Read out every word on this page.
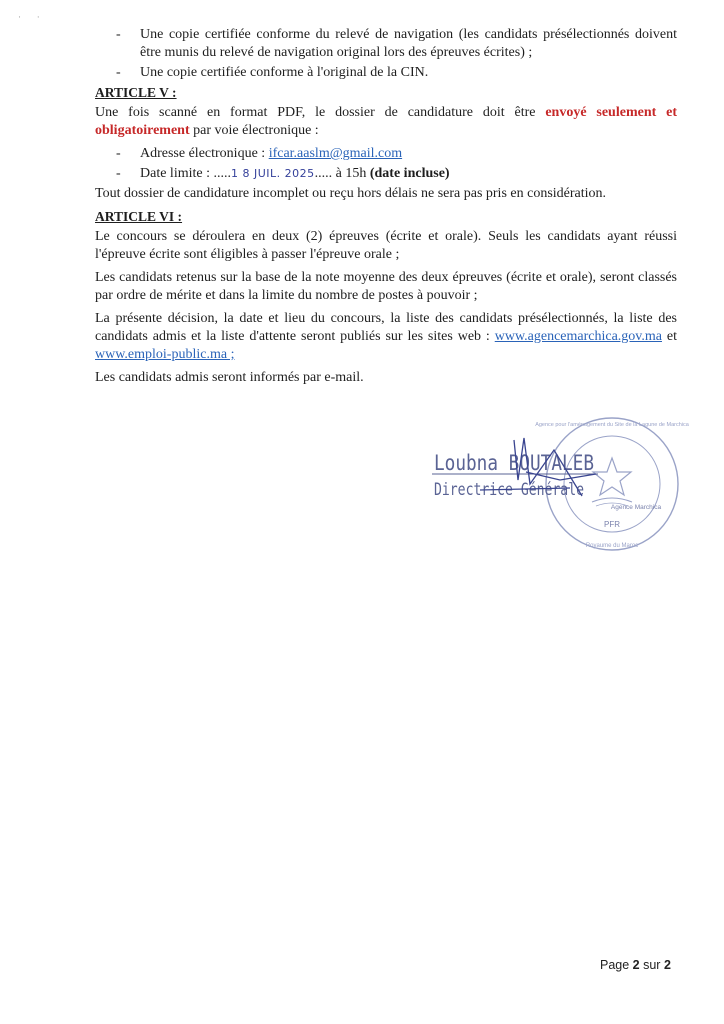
·       ·
- Une copie certifiée conforme du relevé de navigation (les candidats présélectionnés doivent être munis du relevé de navigation original lors des épreuves écrites) ;
- Une copie certifiée conforme à l'original de la CIN.
ARTICLE V :
Une fois scanné en format PDF, le dossier de candidature doit être envoyé seulement et obligatoirement par voie électronique :
- Adresse électronique : ifcar.aaslm@gmail.com
- Date limite : .....1 8 JUIL. 2025..... à 15h (date incluse)
Tout dossier de candidature incomplet ou reçu hors délais ne sera pas pris en considération.
ARTICLE VI :
Le concours se déroulera en deux (2) épreuves (écrite et orale). Seuls les candidats ayant réussi l'épreuve écrite sont éligibles à passer l'épreuve orale ;
Les candidats retenus sur la base de la note moyenne des deux épreuves (écrite et orale), seront classés par ordre de mérite et dans la limite du nombre de postes à pouvoir ;
La présente décision, la date et lieu du concours, la liste des candidats présélectionnés, la liste des candidats admis et la liste d'attente seront publiés sur les sites web : www.agencemarchica.gov.ma et www.emploi-public.ma ;
Les candidats admis seront informés par e-mail.
Agence Marchica
PFR
Agence pour l'aménagement du Site de la Lagune de Marchica
Royaume du Maroc
Loubna BOUTALEB
Directrice Générale
Page 2 sur 2
